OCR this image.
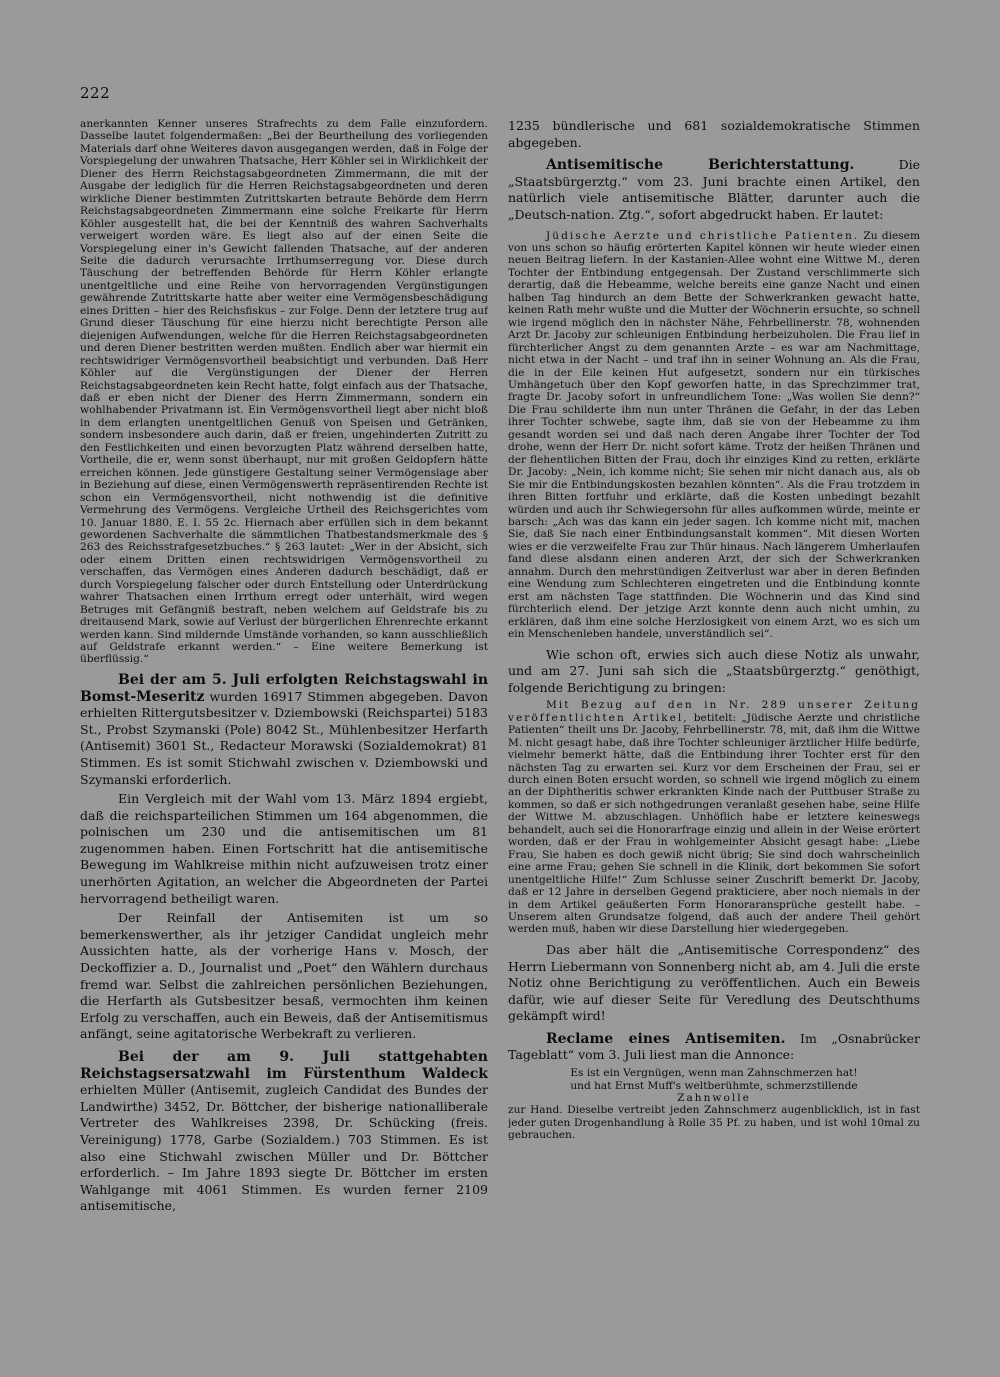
222

anerkannten Kenner unseres Strafrechts zu dem Falle einzufordern. Dasselbe lautet folgendermaßen: „Bei der Beurtheilung des vorliegenden Materials darf ohne Weiteres davon ausgegangen werden, daß in Folge der Vorspiegelung der unwahren Thatsache, Herr Köhler sei in Wirklichkeit der Diener des Herrn Reichstagsabgeordneten Zimmermann, die mit der Ausgabe der lediglich für die Herren Reichstagsabgeordneten und deren wirkliche Diener bestimmten Zutrittskarten betraute Behörde dem Herrn Reichstagsabgeordneten Zimmermann eine solche Freikarte für Herrn Köhler ausgestellt hat, die bei der Kenntniß des wahren Sachverhalts verweigert worden wäre. Es liegt also auf der einen Seite die Vorspiegelung einer in's Gewicht fallenden Thatsache, auf der anderen Seite die dadurch verursachte Irrthumserregung vor. Diese durch Täuschung der betreffenden Behörde für Herrn Köhler erlangte unentgeltliche und eine Reihe von hervorragenden Vergünstigungen gewährende Zutrittskarte hatte aber weiter eine Vermögensbeschädigung eines Dritten – hier des Reichsfiskus – zur Folge. Denn der letztere trug auf Grund dieser Täuschung für eine hierzu nicht berechtigte Person alle diejenigen Aufwendungen, welche für die Herren Reichstagsabgeordneten und deren Diener bestritten werden mußten. Endlich aber war hiermit ein rechtswidriger Vermögensvortheil beabsichtigt und verbunden. Daß Herr Köhler auf die Vergünstigungen der Diener der Herren Reichstagsabgeordneten kein Recht hatte, folgt einfach aus der Thatsache, daß er eben nicht der Diener des Herrn Zimmermann, sondern ein wohlhabender Privatmann ist. Ein Vermögensvortheil liegt aber nicht bloß in dem erlangten unentgeltlichen Genuß von Speisen und Getränken, sondern insbesondere auch darin, daß er freien, ungehinderten Zutritt zu den Festlichkeiten und einen bevorzugten Platz während derselben hatte, Vortheile, die er, wenn sonst überhaupt, nur mit großen Geldopfern hätte erreichen können. Jede günstigere Gestaltung seiner Vermögenslage aber in Beziehung auf diese, einen Vermögenswerth repräsentirenden Rechte ist schon ein Vermögensvortheil, nicht nothwendig ist die definitive Vermehrung des Vermögens. Vergleiche Urtheil des Reichsgerichtes vom 10. Januar 1880. E. I. 55 2c. Hiernach aber erfüllen sich in dem bekannt gewordenen Sachverhalte die sämmtlichen Thatbestandsmerkmale des § 263 des Reichsstrafgesetzbuches.“ § 263 lautet: „Wer in der Absicht, sich oder einem Dritten einen rechtswidrigen Vermögensvortheil zu verschaffen, das Vermögen eines Anderen dadurch beschädigt, daß er durch Vorspiegelung falscher oder durch Entstellung oder Unterdrückung wahrer Thatsachen einen Irrthum erregt oder unterhält, wird wegen Betruges mit Gefängniß bestraft, neben welchem auf Geldstrafe bis zu dreitausend Mark, sowie auf Verlust der bürgerlichen Ehrenrechte erkannt werden kann. Sind mildernde Umstände vorhanden, so kann ausschließlich auf Geldstrafe erkannt werden.“ – Eine weitere Bemerkung ist überflüssig.“

Bei der am 5. Juli erfolgten Reichstagswahl in Bomst-Meseritz wurden 16917 Stimmen abgegeben. Davon erhielten Rittergutsbesitzer v. Dziembowski (Reichspartei) 5183 St., Probst Szymanski (Pole) 8042 St., Mühlenbesitzer Herfarth (Antisemit) 3601 St., Redacteur Morawski (Sozialdemokrat) 81 Stimmen. Es ist somit Stichwahl zwischen v. Dziembowski und Szymanski erforderlich.

Ein Vergleich mit der Wahl vom 13. März 1894 ergiebt, daß die reichsparteilichen Stimmen um 164 abgenommen, die polnischen um 230 und die antisemitischen um 81 zugenommen haben. Einen Fortschritt hat die antisemitische Bewegung im Wahlkreise mithin nicht aufzuweisen trotz einer unerhörten Agitation, an welcher die Abgeordneten der Partei hervorragend betheiligt waren.

Der Reinfall der Antisemiten ist um so bemerkenswerther, als ihr jetziger Candidat ungleich mehr Aussichten hatte, als der vorherige Hans v. Mosch, der Deckoffizier a. D., Journalist und „Poet“ den Wählern durchaus fremd war. Selbst die zahlreichen persönlichen Beziehungen, die Herfarth als Gutsbesitzer besaß, vermochten ihm keinen Erfolg zu verschaffen, auch ein Beweis, daß der Antisemitismus anfängt, seine agitatorische Werbekraft zu verlieren.

Bei der am 9. Juli stattgehabten Reichstagsersatzwahl im Fürstenthum Waldeck erhielten Müller (Antisemit, zugleich Candidat des Bundes der Landwirthe) 3452, Dr. Böttcher, der bisherige nationalliberale Vertreter des Wahlkreises 2398, Dr. Schücking (freis. Vereinigung) 1778, Garbe (Sozialdem.) 703 Stimmen. Es ist also eine Stichwahl zwischen Müller und Dr. Böttcher erforderlich. – Im Jahre 1893 siegte Dr. Böttcher im ersten Wahlgange mit 4061 Stimmen. Es wurden ferner 2109 antisemitische,

1235 bündlerische und 681 sozialdemokratische Stimmen abgegeben.

Antisemitische Berichterstattung. Die „Staatsbürgerztg.“ vom 23. Juni brachte einen Artikel, den natürlich viele antisemitische Blätter, darunter auch die „Deutsch-nation. Ztg.“, sofort abgedruckt haben. Er lautet:

Jüdische Aerzte und christliche Patienten. Zu diesem von uns schon so häufig erörterten Kapitel können wir heute wieder einen neuen Beitrag liefern. In der Kastanien-Allee wohnt eine Wittwe M., deren Tochter der Entbindung entgegensah. Der Zustand verschlimmerte sich derartig, daß die Hebeamme, welche bereits eine ganze Nacht und einen halben Tag hindurch an dem Bette der Schwerkranken gewacht hatte, keinen Rath mehr wußte und die Mutter der Wöchnerin ersuchte, so schnell wie irgend möglich den in nächster Nähe, Fehrbellinerstr. 78, wohnenden Arzt Dr. Jacoby zur schleunigen Entbindung herbeizuholen. Die Frau lief in fürchterlicher Angst zu dem genannten Arzte – es war am Nachmittage, nicht etwa in der Nacht – und traf ihn in seiner Wohnung an. Als die Frau, die in der Eile keinen Hut aufgesetzt, sondern nur ein türkisches Umhängetuch über den Kopf geworfen hatte, in das Sprechzimmer trat, fragte Dr. Jacoby sofort in unfreundlichem Tone: „Was wollen Sie denn?“ Die Frau schilderte ihm nun unter Thränen die Gefahr, in der das Leben ihrer Tochter schwebe, sagte ihm, daß sie von der Hebeamme zu ihm gesandt worden sei und daß nach deren Angabe ihrer Tochter der Tod drohe, wenn der Herr Dr. nicht sofort käme. Trotz der heißen Thränen und der flehentlichen Bitten der Frau, doch ihr einziges Kind zu retten, erklärte Dr. Jacoby: „Nein, ich komme nicht; Sie sehen mir nicht danach aus, als ob Sie mir die Entbindungskosten bezahlen könnten“. Als die Frau trotzdem in ihren Bitten fortfuhr und erklärte, daß die Kosten unbedingt bezahlt würden und auch ihr Schwiegersohn für alles aufkommen würde, meinte er barsch: „Ach was das kann ein jeder sagen. Ich komme nicht mit, machen Sie, daß Sie nach einer Entbindungsanstalt kommen“. Mit diesen Worten wies er die verzweifelte Frau zur Thür hinaus. Nach längerem Umherlaufen fand diese alsdann einen anderen Arzt, der sich der Schwerkranken annahm. Durch den mehrstündigen Zeitverlust war aber in deren Befinden eine Wendung zum Schlechteren eingetreten und die Entbindung konnte erst am nächsten Tage stattfinden. Die Wöchnerin und das Kind sind fürchterlich elend. Der jetzige Arzt konnte denn auch nicht umhin, zu erklären, daß ihm eine solche Herzlosigkeit von einem Arzt, wo es sich um ein Menschenleben handele, unverständlich sei“.

Wie schon oft, erwies sich auch diese Notiz als unwahr, und am 27. Juni sah sich die „Staatsbürgerztg.“ genöthigt, folgende Berichtigung zu bringen:

Mit Bezug auf den in Nr. 289 unserer Zeitung veröffentlichten Artikel, betitelt: „Jüdische Aerzte und christliche Patienten“ theilt uns Dr. Jacoby, Fehrbellinerstr. 78, mit, daß ihm die Wittwe M. nicht gesagt habe, daß ihre Tochter schleuniger ärztlicher Hilfe bedürfe, vielmehr bemerkt hätte, daß die Entbindung ihrer Tochter erst für den nächsten Tag zu erwarten sei. Kurz vor dem Erscheinen der Frau, sei er durch einen Boten ersucht worden, so schnell wie irgend möglich zu einem an der Diphtheritis schwer erkrankten Kinde nach der Puttbuser Straße zu kommen, so daß er sich nothgedrungen veranlaßt gesehen habe, seine Hilfe der Wittwe M. abzuschlagen. Unhöflich habe er letztere keineswegs behandelt, auch sei die Honorarfrage einzig und allein in der Weise erörtert worden, daß er der Frau in wohlgemeinter Absicht gesagt habe: „Liebe Frau, Sie haben es doch gewiß nicht übrig; Sie sind doch wahrscheinlich eine arme Frau; gehen Sie schnell in die Klinik, dort bekommen Sie sofort unentgeltliche Hilfe!“ Zum Schlusse seiner Zuschrift bemerkt Dr. Jacoby, daß er 12 Jahre in derselben Gegend prakticiere, aber noch niemals in der in dem Artikel geäußerten Form Honoraransprüche gestellt habe. – Unserem alten Grundsatze folgend, daß auch der andere Theil gehört werden muß, haben wir diese Darstellung hier wiedergegeben.

Das aber hält die „Antisemitische Correspondenz“ des Herrn Liebermann von Sonnenberg nicht ab, am 4. Juli die erste Notiz ohne Berichtigung zu veröffentlichen. Auch ein Beweis dafür, wie auf dieser Seite für Veredlung des Deutschthums gekämpft wird!

Reclame eines Antisemiten. Im „Osnabrücker Tageblatt“ vom 3. Juli liest man die Annonce:

Es ist ein Vergnügen, wenn man Zahnschmerzen hat!

und hat Ernst Muff's weltberühmte, schmerzstillende

Zahnwolle

zur Hand. Dieselbe vertreibt jeden Zahnschmerz augenblicklich, ist in fast jeder guten Drogenhandlung à Rolle 35 Pf. zu haben, und ist wohl 10mal zu gebrauchen.
